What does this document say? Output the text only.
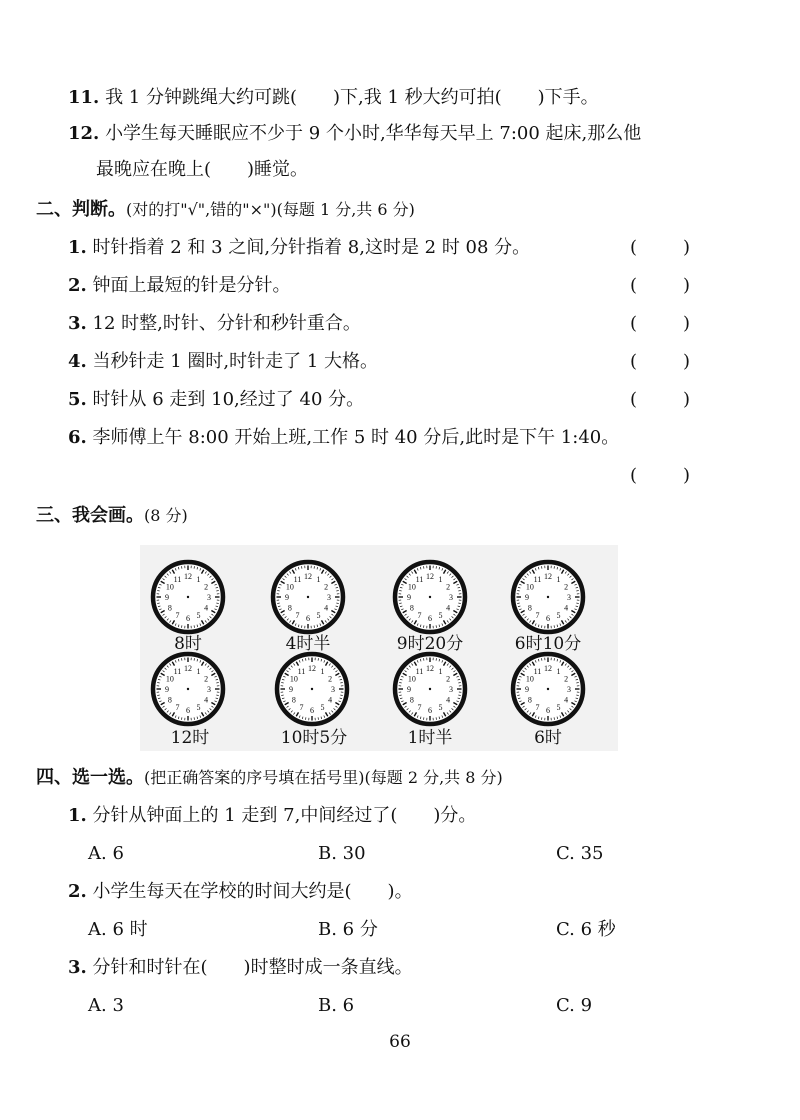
11. 我 1 分钟跳绳大约可跳(　　)下,我 1 秒大约可拍(　　)下手。
12. 小学生每天睡眠应不少于 9 个小时,华华每天早上 7:00 起床,那么他
最晚应在晚上(　　)睡觉。
二、判断。(对的打"√",错的"×")(每题 1 分,共 6 分)
1. 时针指着 2 和 3 之间,分针指着 8,这时是 2 时 08 分。	(	)
2. 钟面上最短的针是分针。	(	)
3. 12 时整,时针、分针和秒针重合。	(	)
4. 当秒针走 1 圈时,时针走了 1 大格。	(	)
5. 时针从 6 走到 10,经过了 40 分。	(	)
6. 李师傅上午 8:00 开始上班,工作 5 时 40 分后,此时是下午 1:40。
(	)
三、我会画。(8 分)
8时	4时半	9时20分	6时10分
12时	10时5分	1时半	6时
12 1
2
3
4
5
6
7
8
9
10
11	12 1
2
3
4
5
6
7
8
9
10
11	12 1
2
3
4
5
6
7
8
9
10
11	12 1
2
3
4
5
6
7
8
9
10
11
12 1
2
3
4
5
6
7
8
9
10
11	12 1
2
3
4
5
6
7
8
9
10
11	12 1
2
3
4
5
6
7
8
9
10
11	12 1
2
3
4
5
6
7
8
9
10
11
四、选一选。(把正确答案的序号填在括号里)(每题 2 分,共 8 分)
1. 分针从钟面上的 1 走到 7,中间经过了(　　)分。
A. 6	B. 30	C. 35
2. 小学生每天在学校的时间大约是(　　)。
A. 6 时	B. 6 分	C. 6 秒
3. 分针和时针在(　　)时整时成一条直线。
A. 3	B. 6	C. 9
66
